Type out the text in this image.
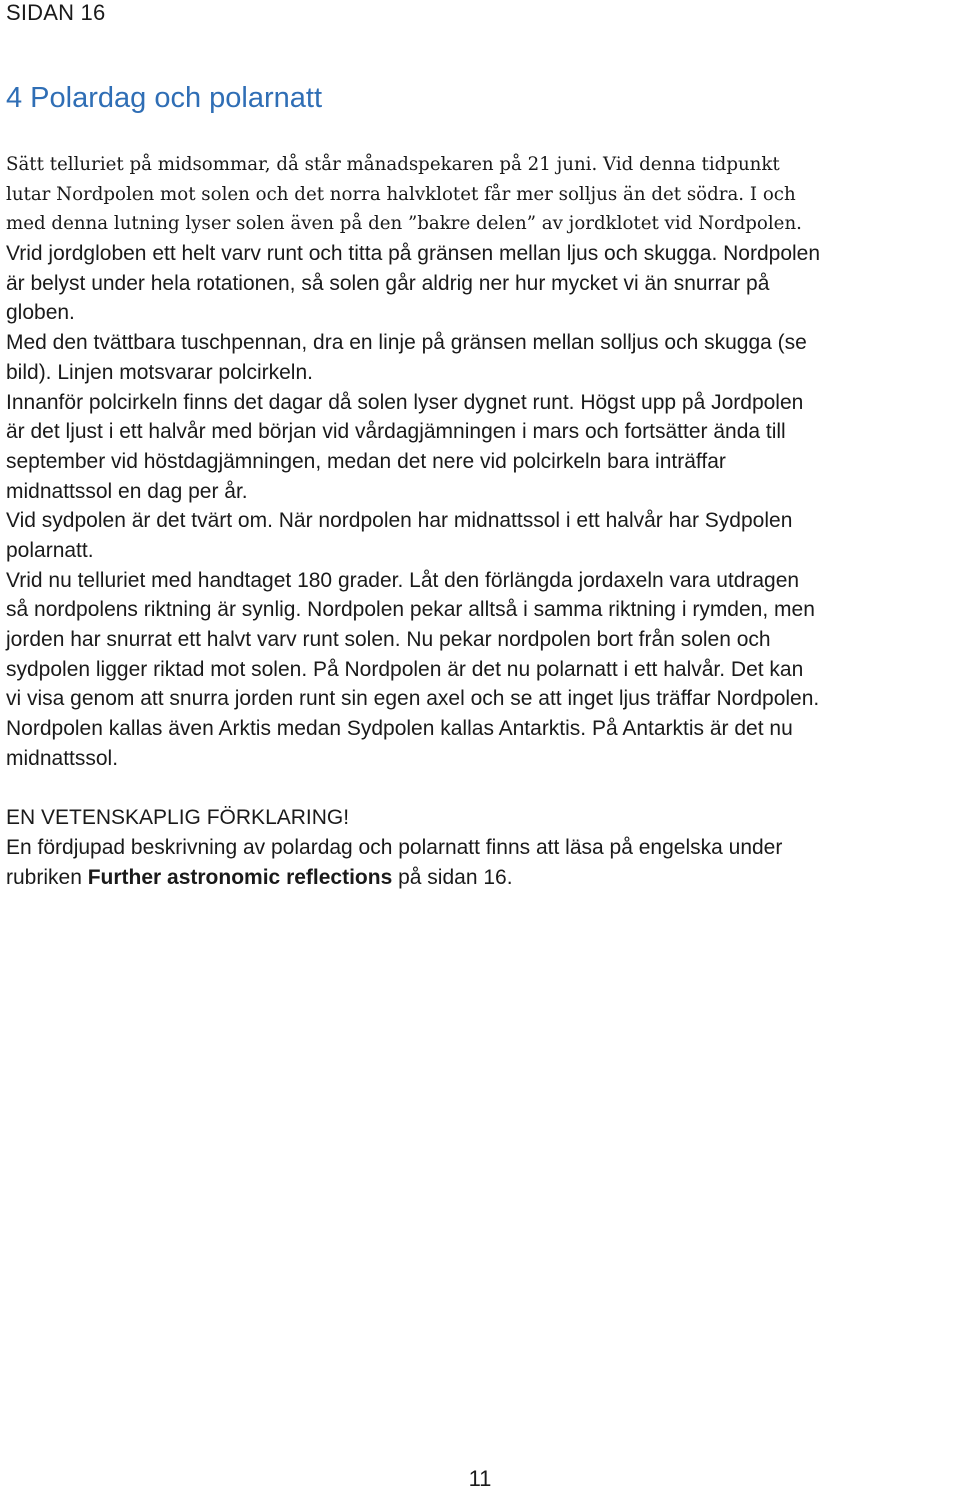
SIDAN 16
4 Polardag och polarnatt
Sätt telluriet på midsommar, då står månadspekaren på 21 juni. Vid denna tidpunkt
lutar Nordpolen mot solen och det norra halvklotet får mer solljus än det södra. I och
med denna lutning lyser solen även på den ”bakre delen” av jordklotet vid Nordpolen.
Vrid jordgloben ett helt varv runt och titta på gränsen mellan ljus och skugga. Nordpolen
är belyst under hela rotationen, så solen går aldrig ner hur mycket vi än snurrar på
globen.
Med den tvättbara tuschpennan, dra en linje på gränsen mellan solljus och skugga (se
bild). Linjen motsvarar polcirkeln.
Innanför polcirkeln finns det dagar då solen lyser dygnet runt. Högst upp på Jordpolen
är det ljust i ett halvår med början vid vårdagjämningen i mars och fortsätter ända till
september vid höstdagjämningen, medan det nere vid polcirkeln bara inträffar
midnattssol en dag per år.
Vid sydpolen är det tvärt om. När nordpolen har midnattssol i ett halvår har Sydpolen
polarnatt.
Vrid nu telluriet med handtaget 180 grader. Låt den förlängda jordaxeln vara utdragen
så nordpolens riktning är synlig. Nordpolen pekar alltså i samma riktning i rymden, men
jorden har snurrat ett halvt varv runt solen. Nu pekar nordpolen bort från solen och
sydpolen ligger riktad mot solen. På Nordpolen är det nu polarnatt i ett halvår. Det kan
vi visa genom att snurra jorden runt sin egen axel och se att inget ljus träffar Nordpolen.
Nordpolen kallas även Arktis medan Sydpolen kallas Antarktis. På Antarktis är det nu
midnattssol.
EN VETENSKAPLIG FÖRKLARING!
En fördjupad beskrivning av polardag och polarnatt finns att läsa på engelska under
rubriken Further astronomic reflections på sidan 16.
11
